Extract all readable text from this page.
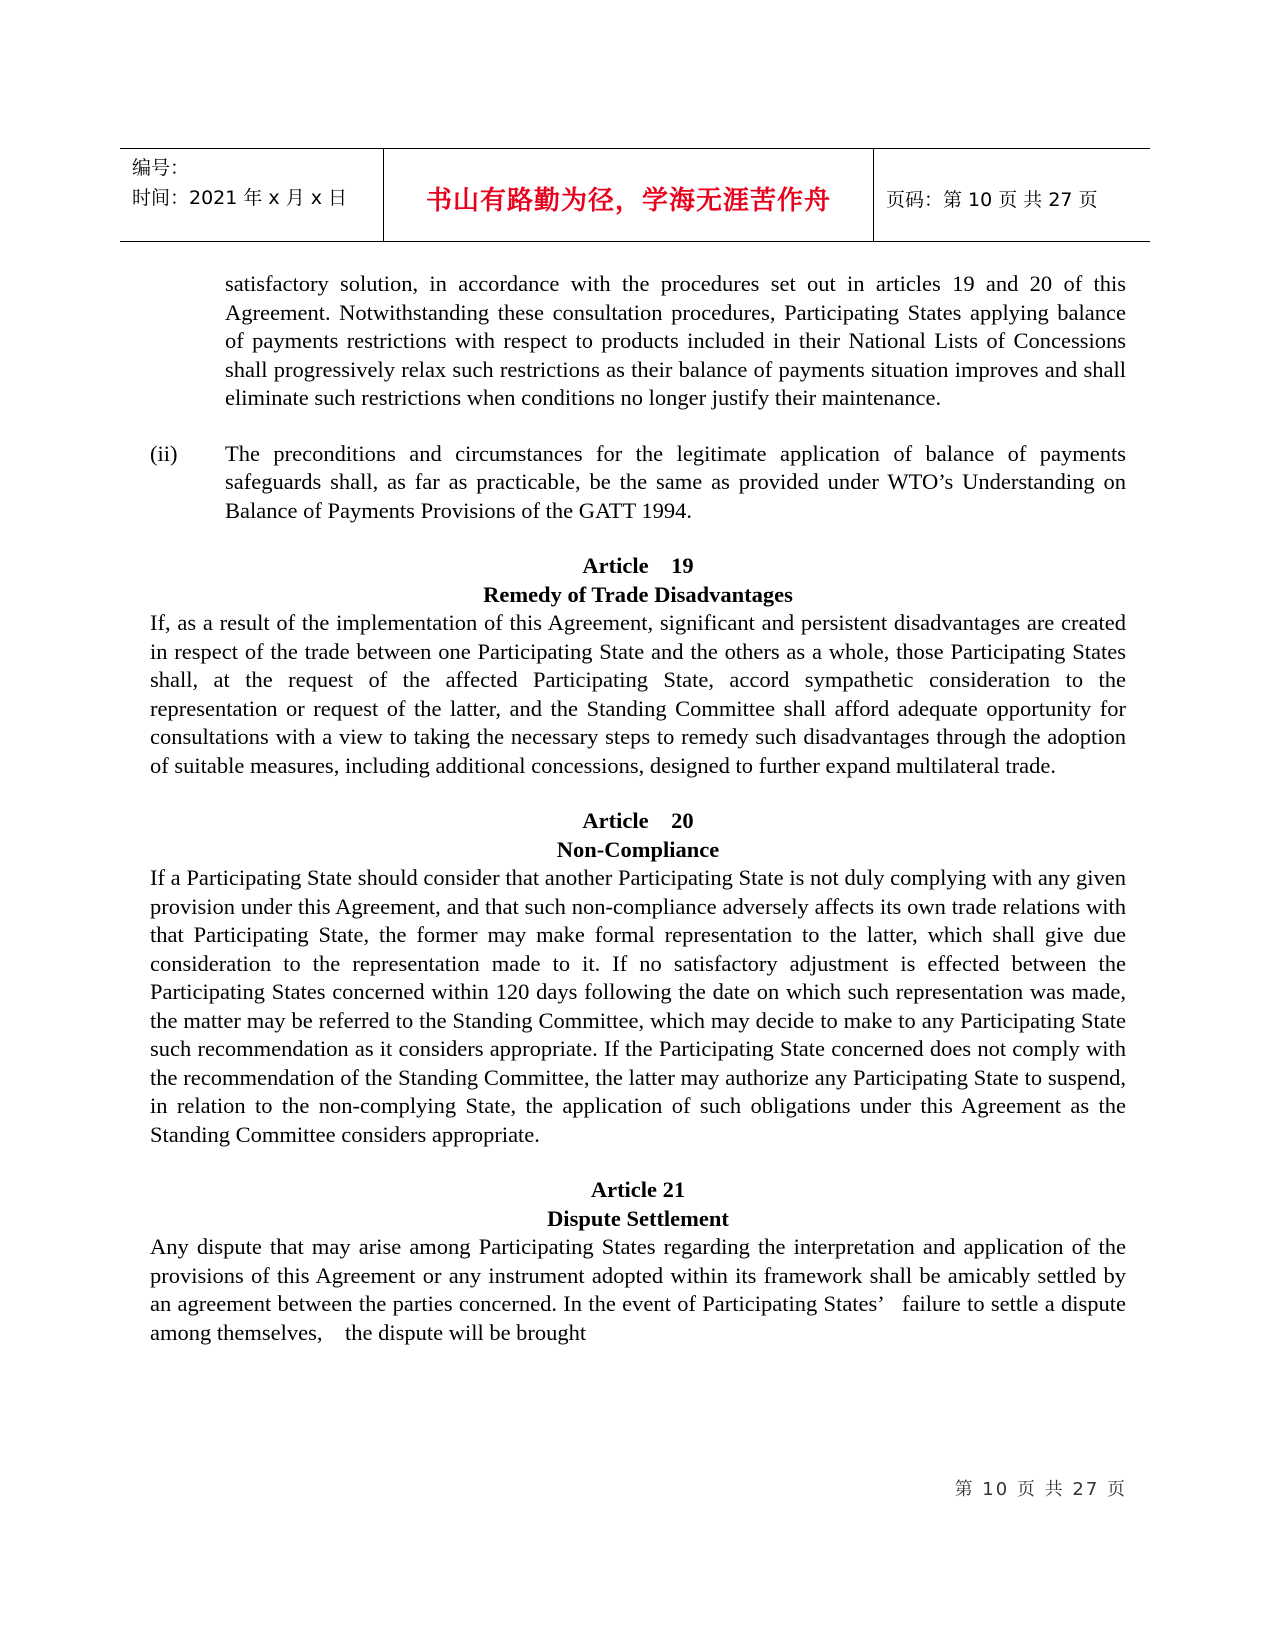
编号：
时间：2021 年 x 月 x 日	书山有路勤为径，学海无涯苦作舟	页码：第 10 页 共 27 页

satisfactory solution, in accordance with the procedures set out in articles 19 and 20 of this Agreement. Notwithstanding these consultation procedures, Participating States applying balance of payments restrictions with respect to products included in their National Lists of Concessions shall progressively relax such restrictions as their balance of payments situation improves and shall eliminate such restrictions when conditions no longer justify their maintenance.

(ii)	The preconditions and circumstances for the legitimate application of balance of payments safeguards shall, as far as practicable, be the same as provided under WTO’s Understanding on Balance of Payments Provisions of the GATT 1994.

Article    19

Remedy of Trade Disadvantages

If, as a result of the implementation of this Agreement, significant and persistent disadvantages are created in respect of the trade between one Participating State and the others as a whole, those Participating States shall, at the request of the affected Participating State, accord sympathetic consideration to the representation or request of the latter, and the Standing Committee shall afford adequate opportunity for consultations with a view to taking the necessary steps to remedy such disadvantages through the adoption of suitable measures, including additional concessions, designed to further expand multilateral trade.

Article    20

Non-Compliance

If a Participating State should consider that another Participating State is not duly complying with any given provision under this Agreement, and that such non-compliance adversely affects its own trade relations with that Participating State, the former may make formal representation to the latter, which shall give due consideration to the representation made to it. If no satisfactory adjustment is effected between the Participating States concerned within 120 days following the date on which such representation was made, the matter may be referred to the Standing Committee, which may decide to make to any Participating State such recommendation as it considers appropriate. If the Participating State concerned does not comply with the recommendation of the Standing Committee, the latter may authorize any Participating State to suspend, in relation to the non-complying State, the application of such obligations under this Agreement as the Standing Committee considers appropriate.

Article 21

Dispute Settlement

Any dispute that may arise among Participating States regarding the interpretation and application of the provisions of this Agreement or any instrument adopted within its framework shall be amicably settled by an agreement between the parties concerned. In the event of Participating States’   failure to settle a dispute among themselves,    the dispute will be brought

第 10 页 共 27 页
